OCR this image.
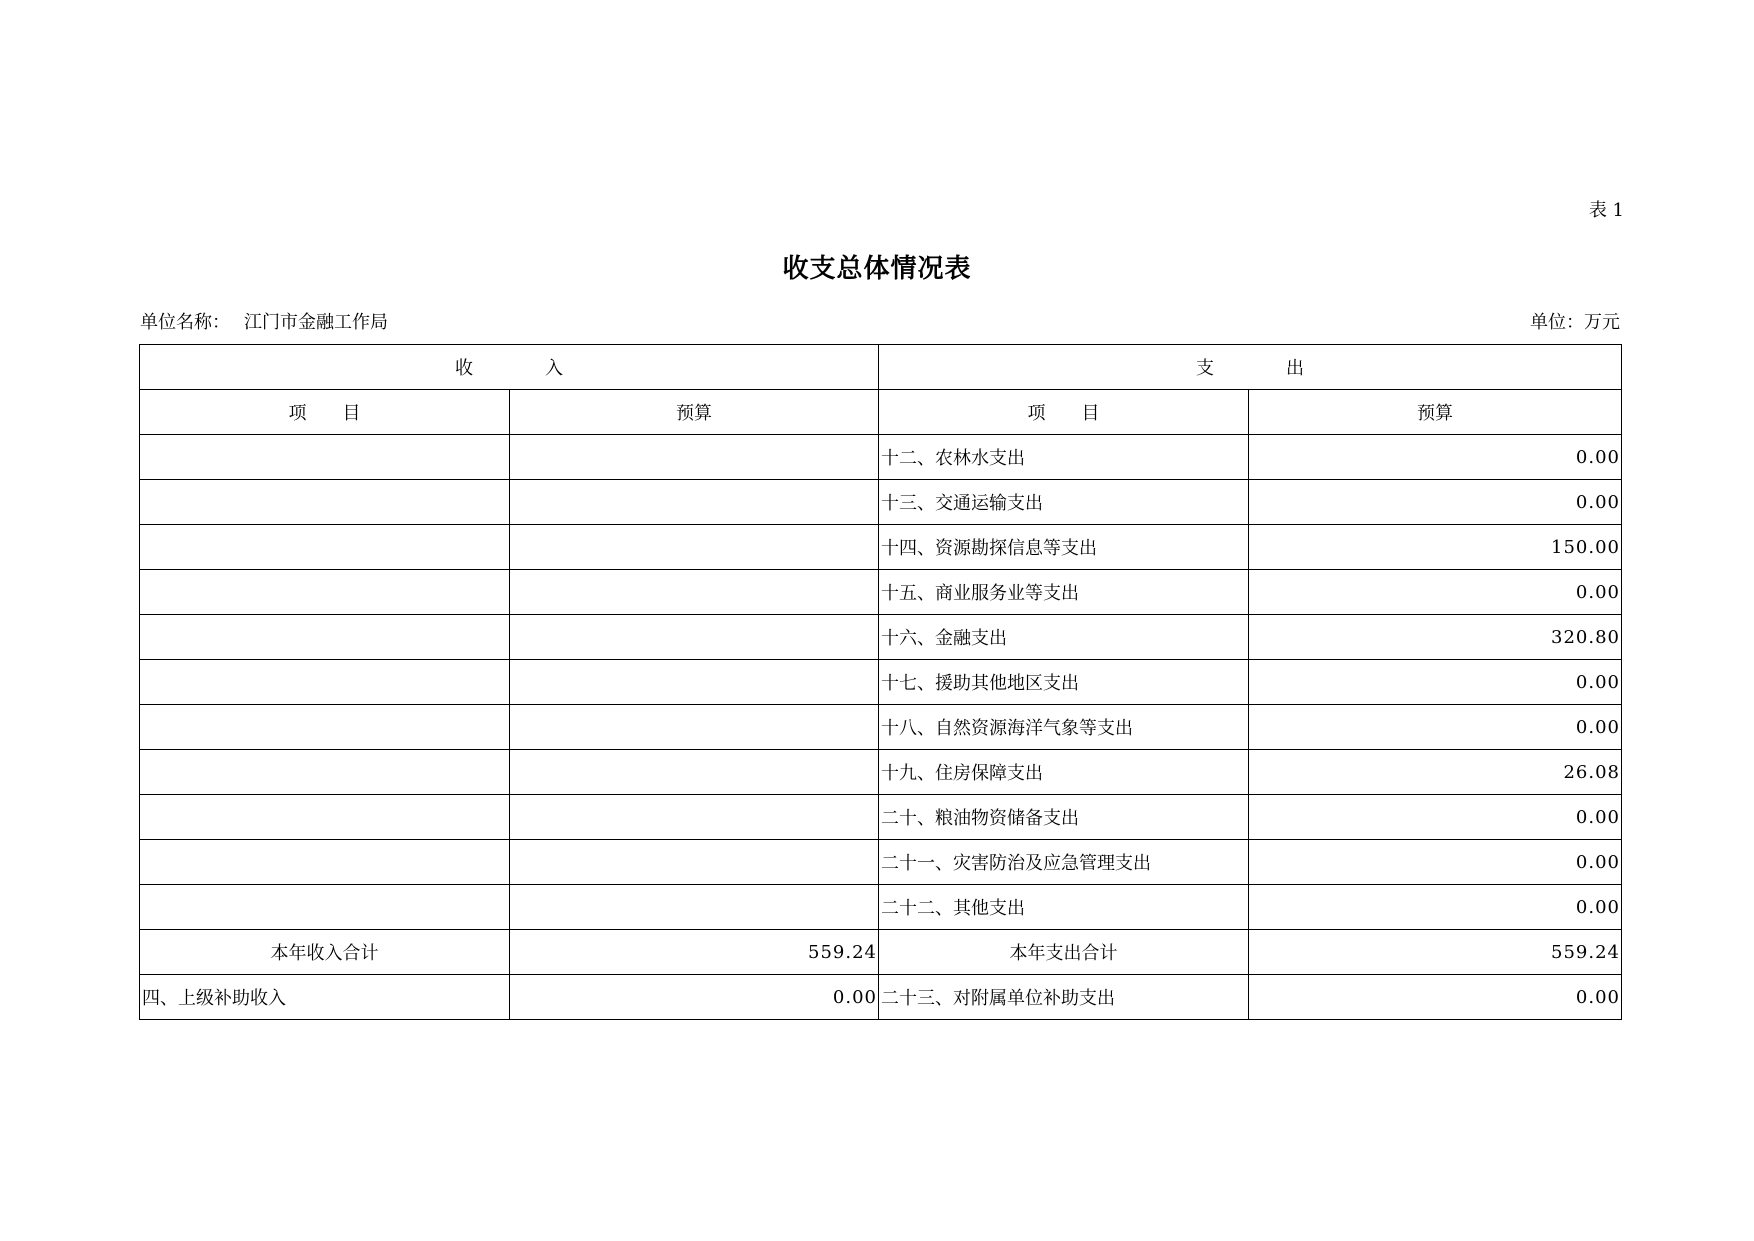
表 1
收支总体情况表
单位名称： 江门市金融工作局	单位：万元
收　　　　入		支　　　　出	
项　　目	预算	项　　目	预算
		十二、农林水支出	0.00
		十三、交通运输支出	0.00
		十四、资源勘探信息等支出	150.00
		十五、商业服务业等支出	0.00
		十六、金融支出	320.80
		十七、援助其他地区支出	0.00
		十八、自然资源海洋气象等支出	0.00
		十九、住房保障支出	26.08
		二十、粮油物资储备支出	0.00
		二十一、灾害防治及应急管理支出	0.00
		二十二、其他支出	0.00
本年收入合计	559.24	本年支出合计	559.24
四、上级补助收入	0.00	二十三、对附属单位补助支出	0.00
